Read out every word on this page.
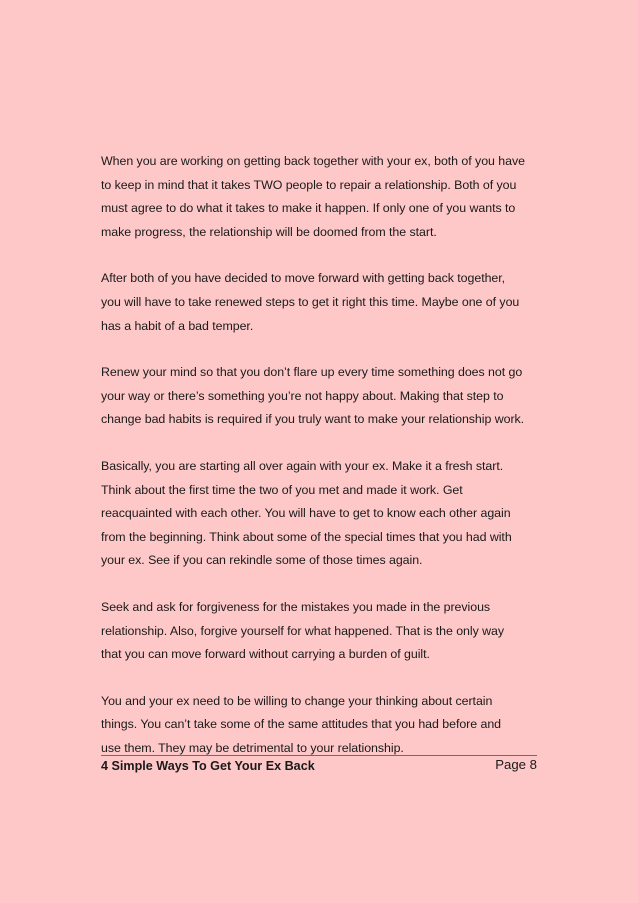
When you are working on getting back together with your ex, both of you have
to keep in mind that it takes TWO people to repair a relationship. Both of you
must agree to do what it takes to make it happen. If only one of you wants to
make progress, the relationship will be doomed from the start.

After both of you have decided to move forward with getting back together,
you will have to take renewed steps to get it right this time. Maybe one of you
has a habit of a bad temper.

Renew your mind so that you don’t flare up every time something does not go
your way or there’s something you’re not happy about. Making that step to
change bad habits is required if you truly want to make your relationship work.

Basically, you are starting all over again with your ex. Make it a fresh start.
Think about the first time the two of you met and made it work. Get
reacquainted with each other. You will have to get to know each other again
from the beginning. Think about some of the special times that you had with
your ex. See if you can rekindle some of those times again.

Seek and ask for forgiveness for the mistakes you made in the previous
relationship. Also, forgive yourself for what happened. That is the only way
that you can move forward without carrying a burden of guilt.

You and your ex need to be willing to change your thinking about certain
things. You can’t take some of the same attitudes that you had before and
use them. They may be detrimental to your relationship.

4 Simple Ways To Get Your Ex Back	Page 8
